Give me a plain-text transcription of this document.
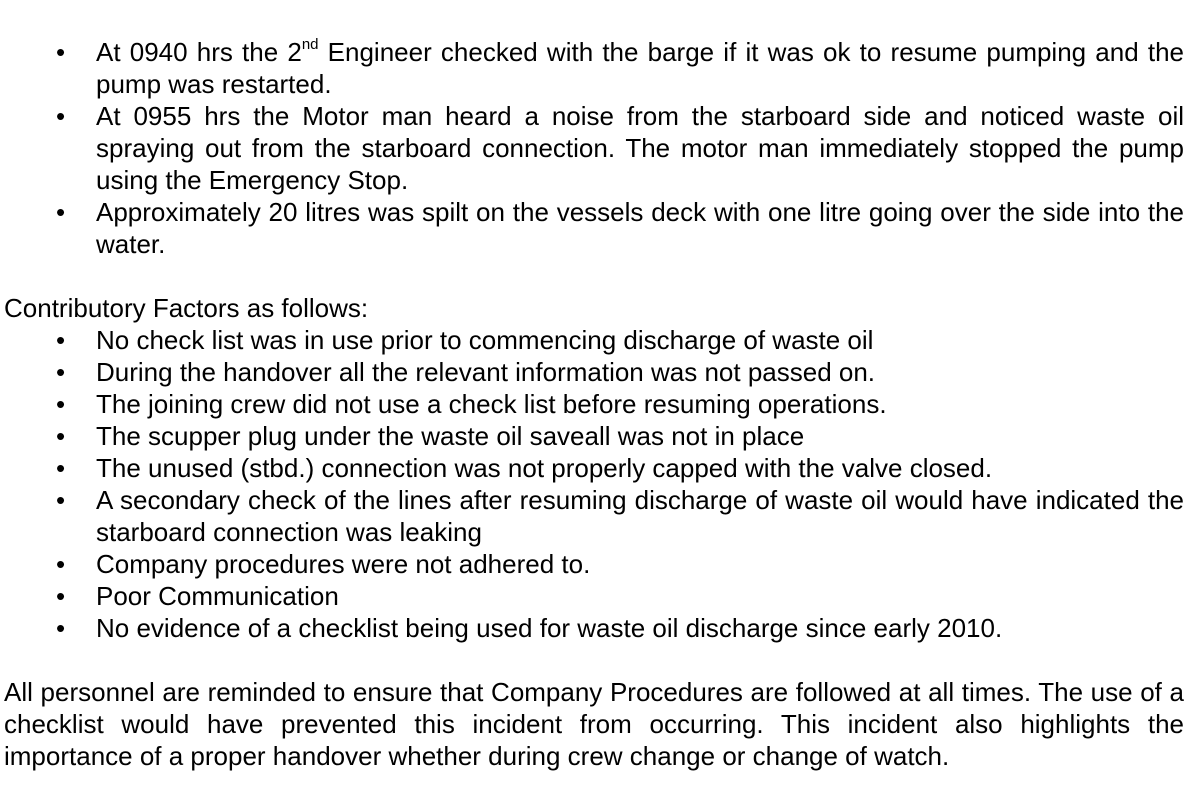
•	At 0940 hrs the 2nd Engineer checked with the barge if it was ok to resume pumping and the pump was restarted.
•	At 0955 hrs the Motor man heard a noise from the starboard side and noticed waste oil spraying out from the starboard connection. The motor man immediately stopped the pump using the Emergency Stop.
•	Approximately 20 litres was spilt on the vessels deck with one litre going over the side into the water.
Contributory Factors as follows:
•	No check list was in use prior to commencing discharge of waste oil
•	During the handover all the relevant information was not passed on.
•	The joining crew did not use a check list before resuming operations.
•	The scupper plug under the waste oil saveall was not in place
•	The unused (stbd.) connection was not properly capped with the valve closed.
•	A secondary check of the lines after resuming discharge of waste oil would have indicated the starboard connection was leaking
•	Company procedures were not adhered to.
•	Poor Communication
•	No evidence of a checklist being used for waste oil discharge since early 2010.
All personnel are reminded to ensure that Company Procedures are followed at all times. The use of a checklist would have prevented this incident from occurring. This incident also highlights the importance of a proper handover whether during crew change or change of watch.
